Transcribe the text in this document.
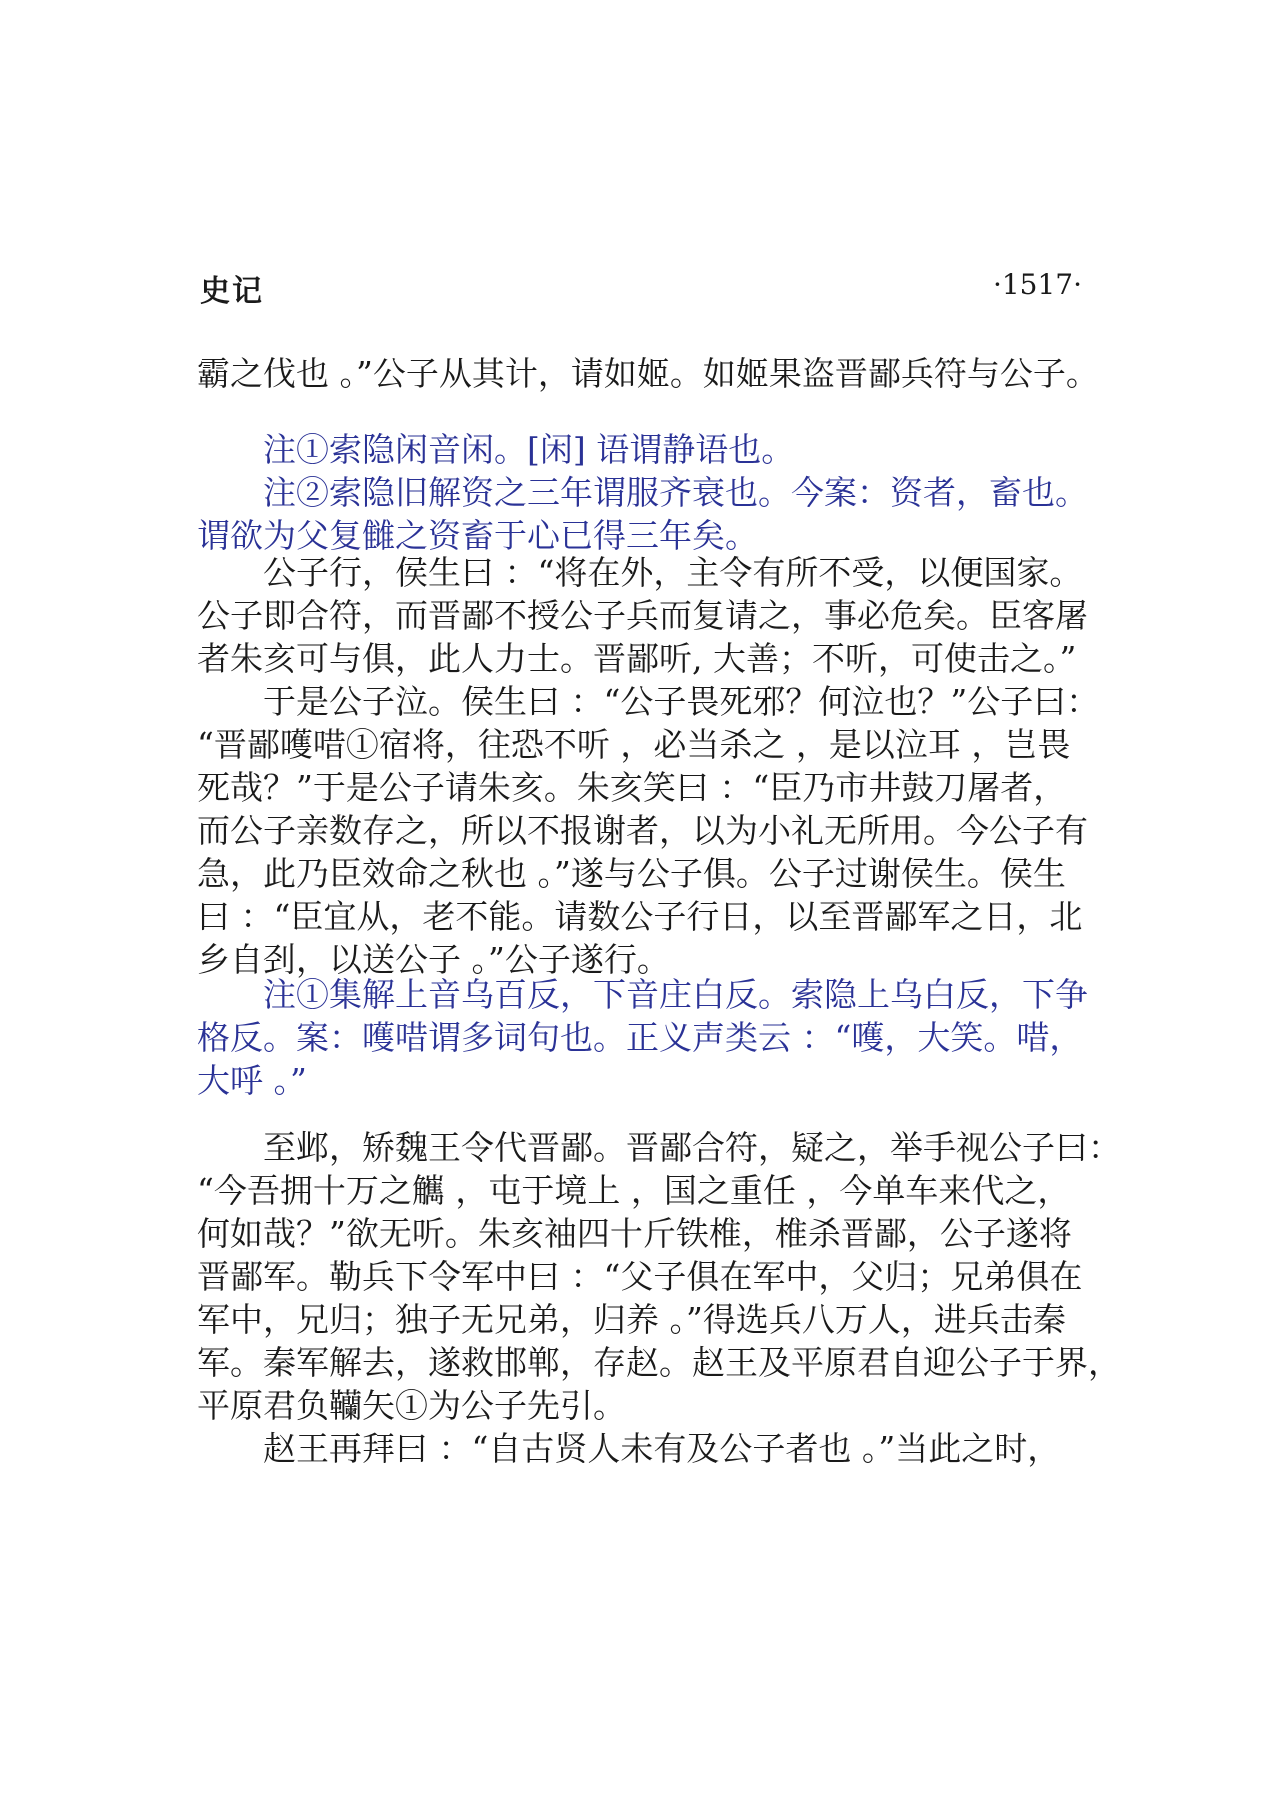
史记	·1517·
霸之伐也 。”公子从其计，请如姬。如姬果盗晋鄙兵符与公子。
注①索隐闲音闲。[闲] 语谓静语也。
注②索隐旧解资之三年谓服齐衰也。今案：资者，畜也。
谓欲为父复雠之资畜于心已得三年矣。
公子行，侯生曰 ：“将在外，主令有所不受，以便国家。
公子即合符，而晋鄙不授公子兵而复请之，事必危矣。臣客屠
者朱亥可与俱，此人力士。晋鄙听, 大善；不听，可使击之。”
于是公子泣。侯生曰 ：“公子畏死邪？何泣也？”公子曰：
“晋鄙嚄唶①宿将，往恐不听 ，必当杀之 ，是以泣耳 ，岂畏
死哉？”于是公子请朱亥。朱亥笑曰 ：“臣乃市井鼓刀屠者，
而公子亲数存之，所以不报谢者，以为小礼无所用。今公子有
急，此乃臣效命之秋也 。”遂与公子俱。公子过谢侯生。侯生
曰 ：“臣宜从，老不能。请数公子行日，以至晋鄙军之日，北
乡自刭，以送公子 。”公子遂行。
注①集解上音乌百反，下音庄白反。索隐上乌白反，下争
格反。案：嚄唶谓多词句也。正义声类云 ：“嚄，大笑。唶，
大呼 。”
至邺，矫魏王令代晋鄙。晋鄙合符，疑之，举手视公子曰：
“今吾拥十万之觽 ，屯于境上 ，国之重任 ，今单车来代之，
何如哉？”欲无听。朱亥袖四十斤铁椎，椎杀晋鄙，公子遂将
晋鄙军。勒兵下令军中曰 ：“父子俱在军中，父归；兄弟俱在
军中，兄归；独子无兄弟，归养 。”得选兵八万人，进兵击秦
军。秦军解去，遂救邯郸，存赵。赵王及平原君自迎公子于界，
平原君负韊矢①为公子先引。
赵王再拜曰 ：“自古贤人未有及公子者也 。”当此之时，
